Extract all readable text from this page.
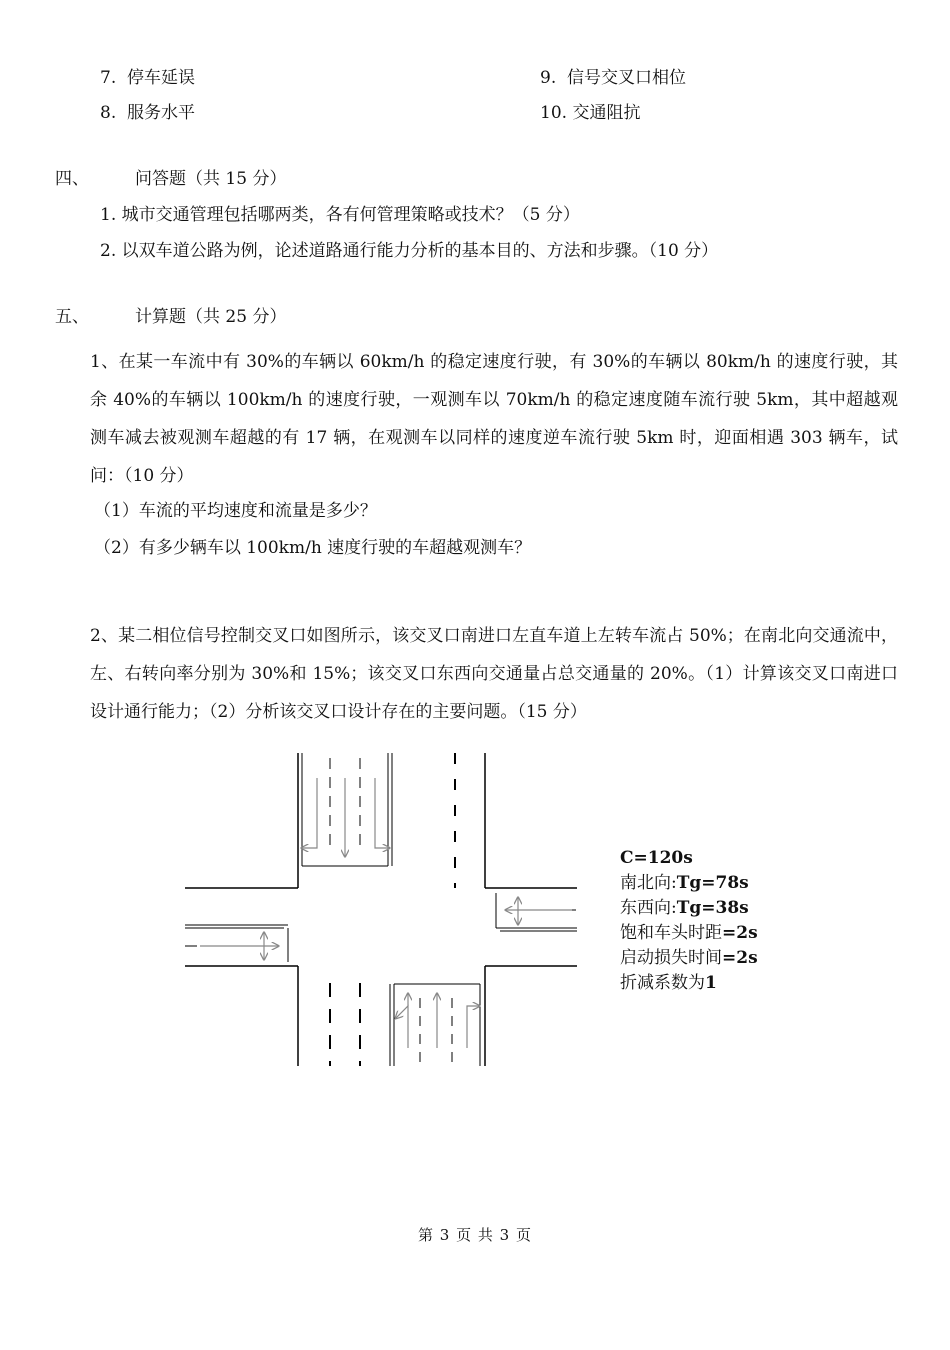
7. 停车延误	9. 信号交叉口相位
8. 服务水平	10. 交通阻抗
四、	问答题（共 15 分）
1. 城市交通管理包括哪两类，各有何管理策略或技术？（5 分）
2. 以双车道公路为例，论述道路通行能力分析的基本目的、方法和步骤。（10 分）
五、	计算题（共 25 分）
1、在某一车流中有 30%的车辆以 60km/h 的稳定速度行驶，有 30%的车辆以 80km/h 的速度行驶，其余 40%的车辆以 100km/h 的速度行驶，一观测车以 70km/h 的稳定速度随车流行驶 5km，其中超越观测车减去被观测车超越的有 17 辆，在观测车以同样的速度逆车流行驶 5km 时，迎面相遇 303 辆车，试问：（10 分）
（1）车流的平均速度和流量是多少？
（2）有多少辆车以 100km/h 速度行驶的车超越观测车？
2、某二相位信号控制交叉口如图所示，该交叉口南进口左直车道上左转车流占 50%；在南北向交通流中，左、右转向率分别为 30%和 15%；该交叉口东西向交通量占总交通量的 20%。（1）计算该交叉口南进口设计通行能力；（2）分析该交叉口设计存在的主要问题。（15 分）
C=120s
南北向:Tg=78s
东西向:Tg=38s
饱和车头时距=2s
启动损失时间=2s
折减系数为1
第 3 页 共 3 页
